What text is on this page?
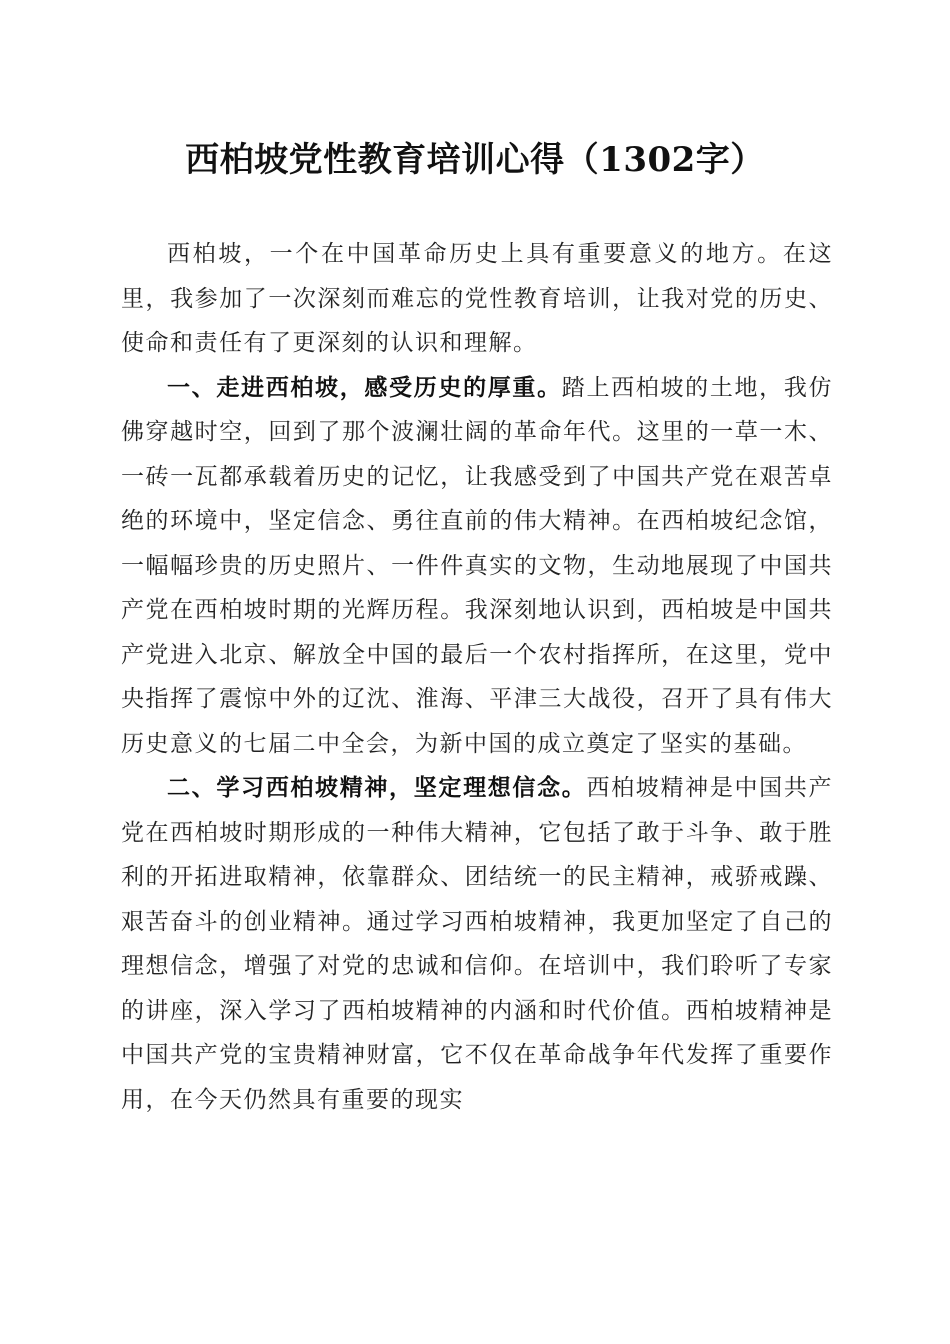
西柏坡党性教育培训心得（1302字）

西柏坡，一个在中国革命历史上具有重要意义的地方。在这里，我参加了一次深刻而难忘的党性教育培训，让我对党的历史、使命和责任有了更深刻的认识和理解。

一、走进西柏坡，感受历史的厚重。踏上西柏坡的土地，我仿佛穿越时空，回到了那个波澜壮阔的革命年代。这里的一草一木、一砖一瓦都承载着历史的记忆，让我感受到了中国共产党在艰苦卓绝的环境中，坚定信念、勇往直前的伟大精神。在西柏坡纪念馆，一幅幅珍贵的历史照片、一件件真实的文物，生动地展现了中国共产党在西柏坡时期的光辉历程。我深刻地认识到，西柏坡是中国共产党进入北京、解放全中国的最后一个农村指挥所，在这里，党中央指挥了震惊中外的辽沈、淮海、平津三大战役，召开了具有伟大历史意义的七届二中全会，为新中国的成立奠定了坚实的基础。

二、学习西柏坡精神，坚定理想信念。西柏坡精神是中国共产党在西柏坡时期形成的一种伟大精神，它包括了敢于斗争、敢于胜利的开拓进取精神，依靠群众、团结统一的民主精神，戒骄戒躁、艰苦奋斗的创业精神。通过学习西柏坡精神，我更加坚定了自己的理想信念，增强了对党的忠诚和信仰。在培训中，我们聆听了专家的讲座，深入学习了西柏坡精神的内涵和时代价值。西柏坡精神是中国共产党的宝贵精神财富，它不仅在革命战争年代发挥了重要作用，在今天仍然具有重要的现实
